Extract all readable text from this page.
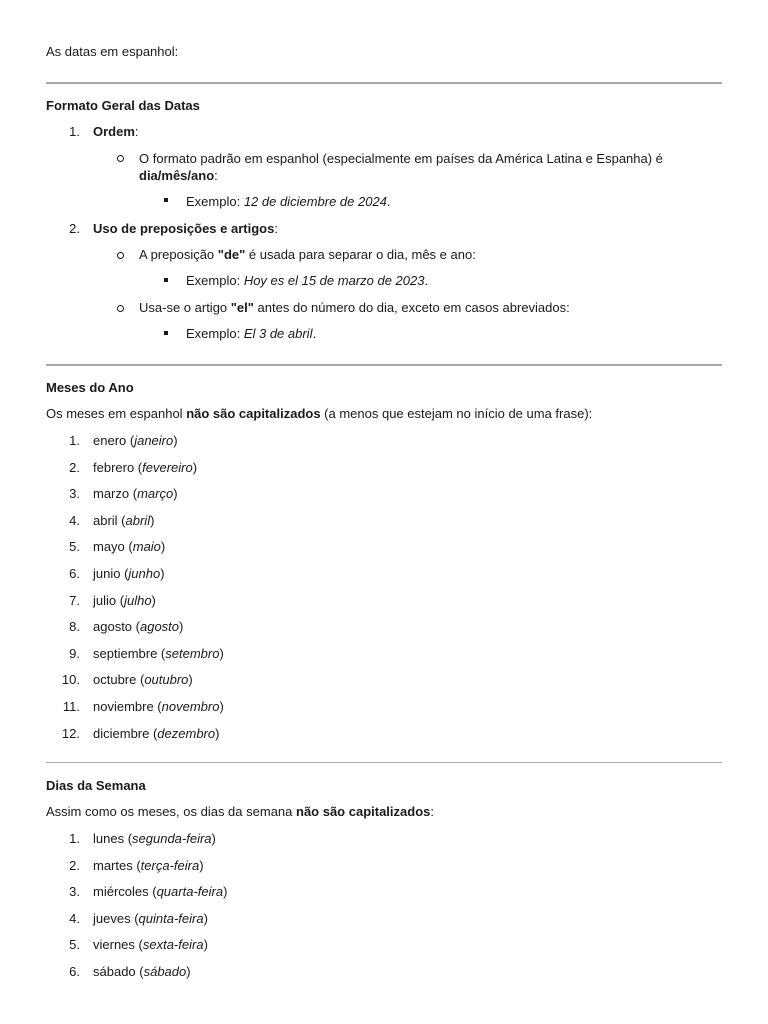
As datas em espanhol:
Formato Geral das Datas
1. Ordem:
O formato padrão em espanhol (especialmente em países da América Latina e Espanha) é
dia/mês/ano:
Exemplo: 12 de diciembre de 2024.
2. Uso de preposições e artigos:
A preposição "de" é usada para separar o dia, mês e ano:
Exemplo: Hoy es el 15 de marzo de 2023.
Usa-se o artigo "el" antes do número do dia, exceto em casos abreviados:
Exemplo: El 3 de abril.
Meses do Ano
Os meses em espanhol não são capitalizados (a menos que estejam no início de uma frase):
1. enero (janeiro)
2. febrero (fevereiro)
3. marzo (março)
4. abril (abril)
5. mayo (maio)
6. junio (junho)
7. julio (julho)
8. agosto (agosto)
9. septiembre (setembro)
10. octubre (outubro)
11. noviembre (novembro)
12. diciembre (dezembro)
Dias da Semana
Assim como os meses, os dias da semana não são capitalizados:
1. lunes (segunda-feira)
2. martes (terça-feira)
3. miércoles (quarta-feira)
4. jueves (quinta-feira)
5. viernes (sexta-feira)
6. sábado (sábado)
